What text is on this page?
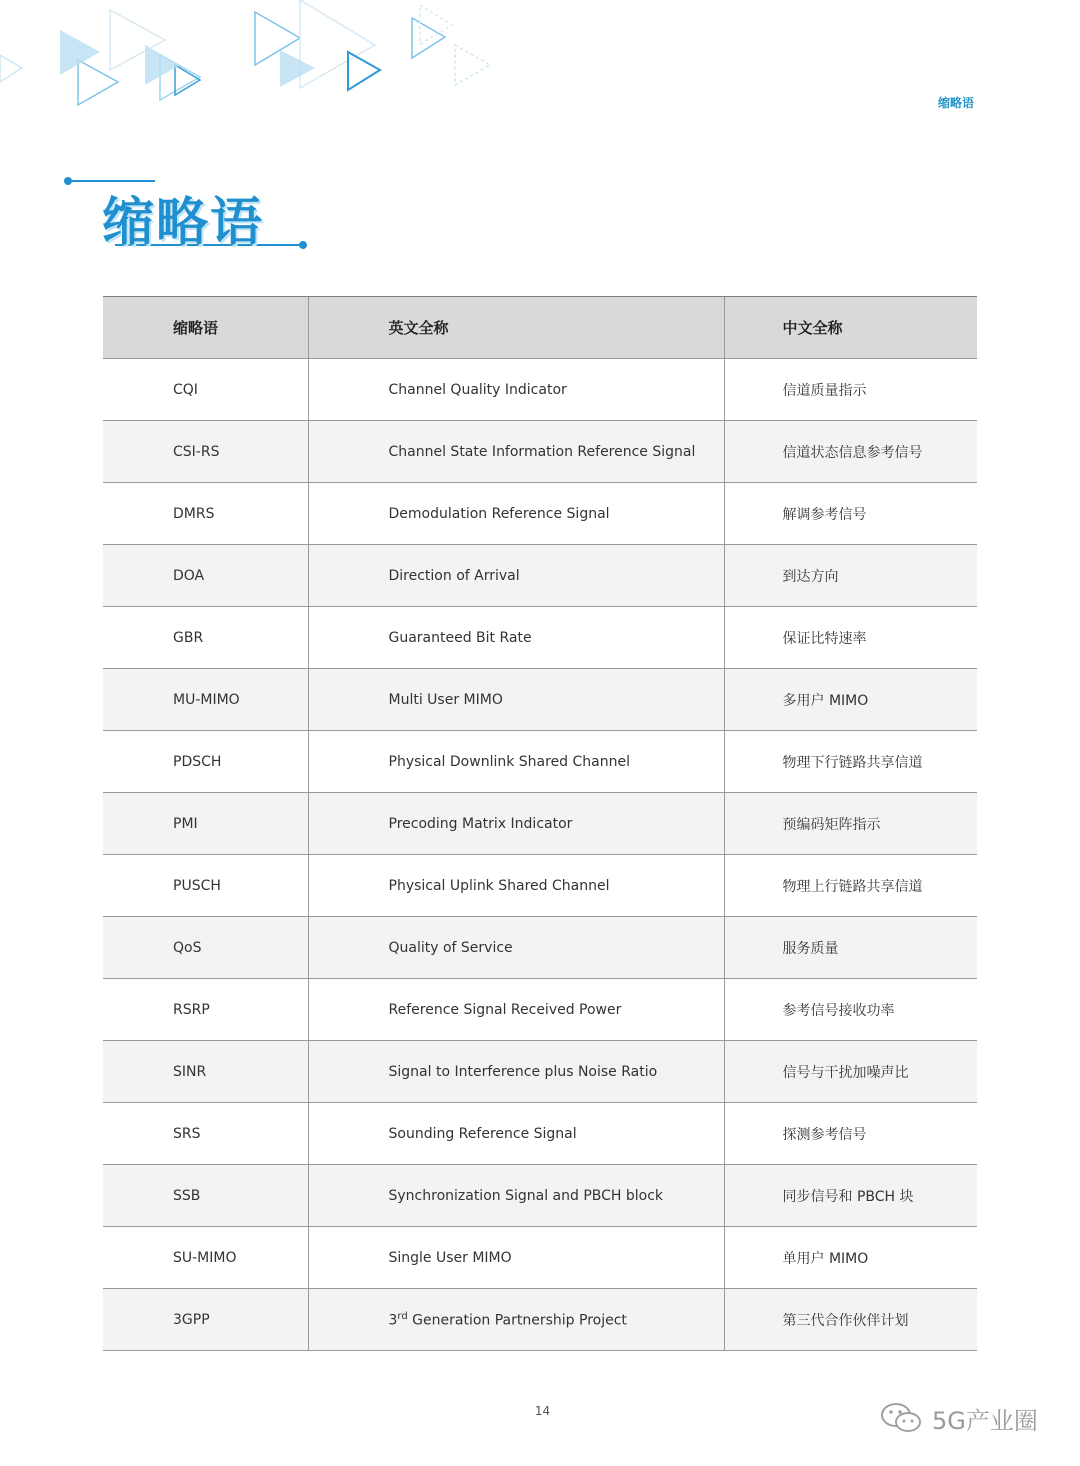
缩略语
缩略语
缩略语	英文全称	中文全称
CQI	Channel Quality Indicator	信道质量指示
CSI-RS	Channel State Information Reference Signal	信道状态信息参考信号
DMRS	Demodulation Reference Signal	解调参考信号
DOA	Direction of Arrival	到达方向
GBR	Guaranteed Bit Rate	保证比特速率
MU-MIMO	Multi User MIMO	多用户 MIMO
PDSCH	Physical Downlink Shared Channel	物理下行链路共享信道
PMI	Precoding Matrix Indicator	预编码矩阵指示
PUSCH	Physical Uplink Shared Channel	物理上行链路共享信道
QoS	Quality of Service	服务质量
RSRP	Reference Signal Received Power	参考信号接收功率
SINR	Signal to Interference plus Noise Ratio	信号与干扰加噪声比
SRS	Sounding Reference Signal	探测参考信号
SSB	Synchronization Signal and PBCH block	同步信号和 PBCH 块
SU-MIMO	Single User MIMO	单用户 MIMO
3GPP	3rd Generation Partnership Project	第三代合作伙伴计划
14	5G产业圈
